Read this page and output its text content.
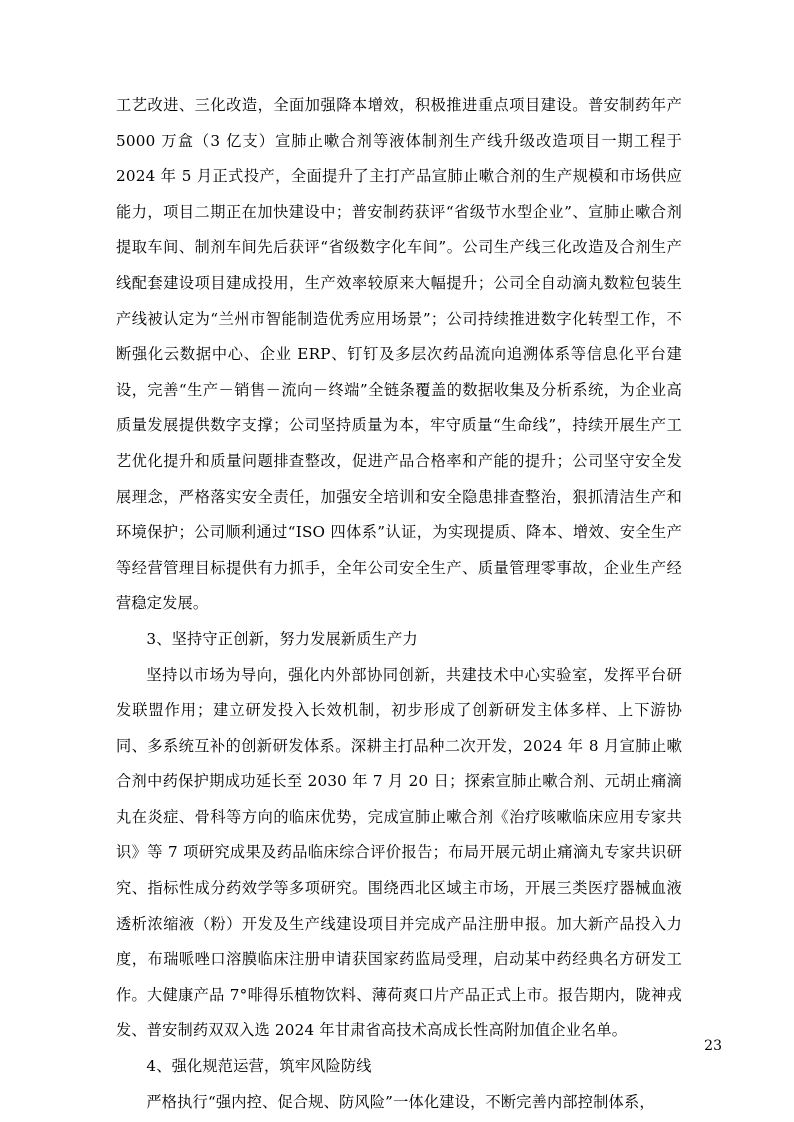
工艺改进、三化改造，全面加强降本增效，积极推进重点项目建设。普安制药年产 5000 万盒（3 亿支）宣肺止嗽合剂等液体制剂生产线升级改造项目一期工程于 2024 年 5 月正式投产，全面提升了主打产品宣肺止嗽合剂的生产规模和市场供应能力，项目二期正在加快建设中；普安制药获评“省级节水型企业”、宣肺止嗽合剂提取车间、制剂车间先后获评“省级数字化车间”。公司生产线三化改造及合剂生产线配套建设项目建成投用，生产效率较原来大幅提升；公司全自动滴丸数粒包装生产线被认定为“兰州市智能制造优秀应用场景”；公司持续推进数字化转型工作，不断强化云数据中心、企业 ERP、钉钉及多层次药品流向追溯体系等信息化平台建设，完善“生产－销售－流向－终端”全链条覆盖的数据收集及分析系统，为企业高质量发展提供数字支撑；公司坚持质量为本，牢守质量“生命线”，持续开展生产工艺优化提升和质量问题排查整改，促进产品合格率和产能的提升；公司坚守安全发展理念，严格落实安全责任，加强安全培训和安全隐患排查整治，狠抓清洁生产和环境保护；公司顺利通过“ISO 四体系”认证，为实现提质、降本、增效、安全生产等经营管理目标提供有力抓手，全年公司安全生产、质量管理零事故，企业生产经营稳定发展。

3、坚持守正创新，努力发展新质生产力

坚持以市场为导向，强化内外部协同创新，共建技术中心实验室，发挥平台研发联盟作用；建立研发投入长效机制，初步形成了创新研发主体多样、上下游协同、多系统互补的创新研发体系。深耕主打品种二次开发，2024 年 8 月宣肺止嗽合剂中药保护期成功延长至 2030 年 7 月 20 日；探索宣肺止嗽合剂、元胡止痛滴丸在炎症、骨科等方向的临床优势，完成宣肺止嗽合剂《治疗咳嗽临床应用专家共识》等 7 项研究成果及药品临床综合评价报告；布局开展元胡止痛滴丸专家共识研究、指标性成分药效学等多项研究。围绕西北区域主市场，开展三类医疗器械血液透析浓缩液（粉）开发及生产线建设项目并完成产品注册申报。加大新产品投入力度，布瑞哌唑口溶膜临床注册申请获国家药监局受理，启动某中药经典名方研发工作。大健康产品 7°啡得乐植物饮料、薄荷爽口片产品正式上市。报告期内，陇神戎发、普安制药双双入选 2024 年甘肃省高技术高成长性高附加值企业名单。

4、强化规范运营，筑牢风险防线

严格执行“强内控、促合规、防风险”一体化建设，不断完善内部控制体系，

23
